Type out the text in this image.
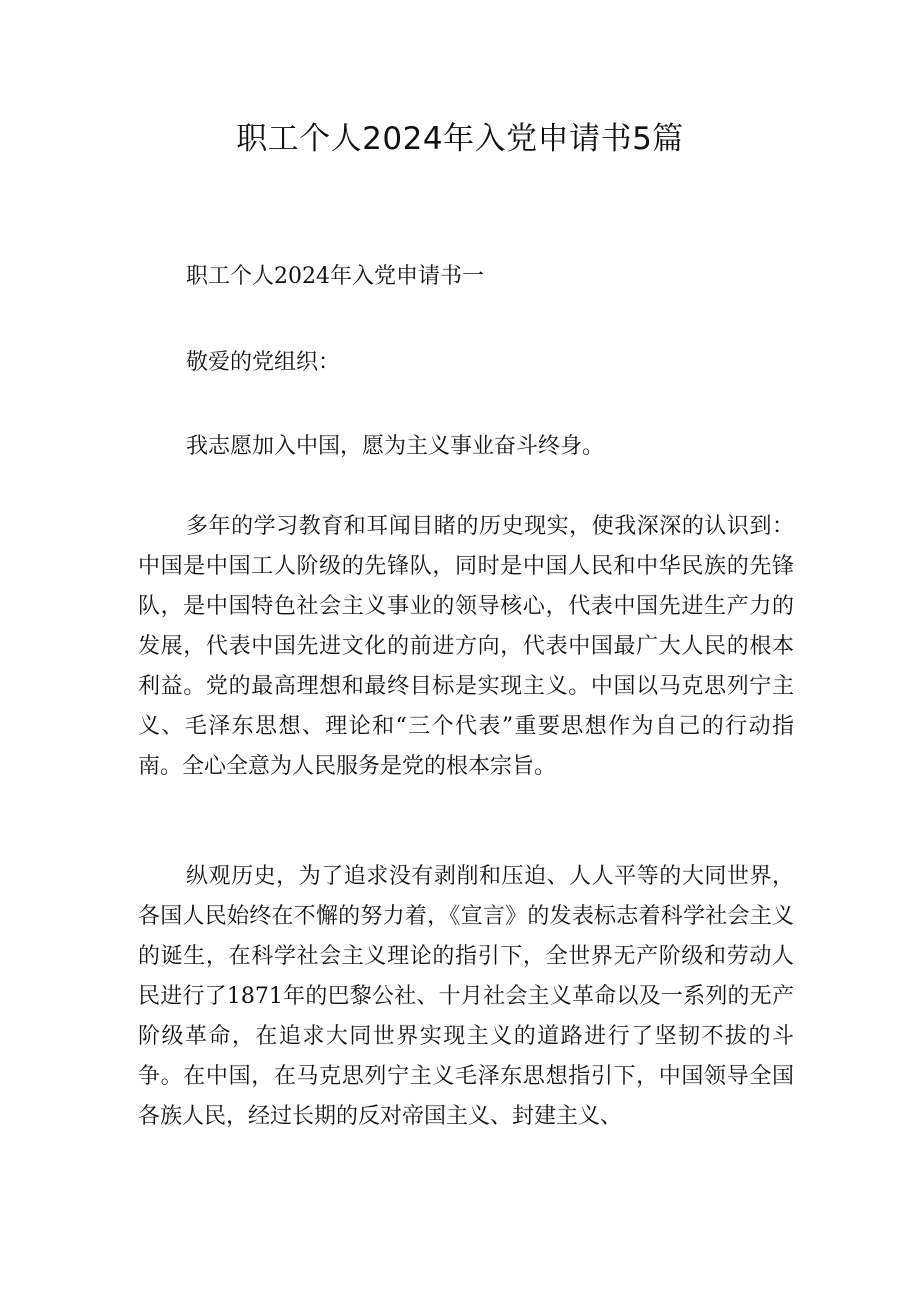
职工个人2024年入党申请书5篇

职工个人2024年入党申请书一

敬爱的党组织：

我志愿加入中国，愿为主义事业奋斗终身。

多年的学习教育和耳闻目睹的历史现实，使我深深的认识到：中国是中国工人阶级的先锋队，同时是中国人民和中华民族的先锋队，是中国特色社会主义事业的领导核心，代表中国先进生产力的发展，代表中国先进文化的前进方向，代表中国最广大人民的根本利益。党的最高理想和最终目标是实现主义。中国以马克思列宁主义、毛泽东思想、理论和“三个代表”重要思想作为自己的行动指南。全心全意为人民服务是党的根本宗旨。

纵观历史，为了追求没有剥削和压迫、人人平等的大同世界，各国人民始终在不懈的努力着，《宣言》的发表标志着科学社会主义的诞生，在科学社会主义理论的指引下，全世界无产阶级和劳动人民进行了1871年的巴黎公社、十月社会主义革命以及一系列的无产阶级革命，在追求大同世界实现主义的道路进行了坚韧不拔的斗争。在中国，在马克思列宁主义毛泽东思想指引下，中国领导全国各族人民，经过长期的反对帝国主义、封建主义、
